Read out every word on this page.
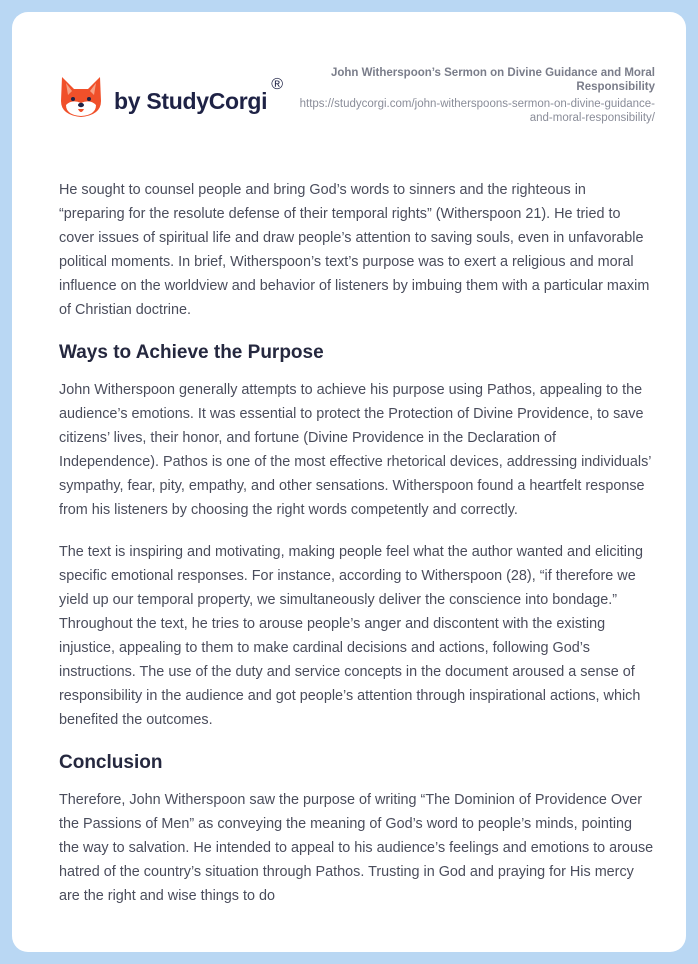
by StudyCorgi
®
John Witherspoon’s Sermon on Divine Guidance and Moral Responsibility
https://studycorgi.com/john-witherspoons-sermon-on-divine-guidance-and-moral-responsibility/

He sought to counsel people and bring God’s words to sinners and the righteous in “preparing for the resolute defense of their temporal rights” (Witherspoon 21). He tried to cover issues of spiritual life and draw people’s attention to saving souls, even in unfavorable political moments. In brief, Witherspoon’s text’s purpose was to exert a religious and moral influence on the worldview and behavior of listeners by imbuing them with a particular maxim of Christian doctrine.

Ways to Achieve the Purpose

John Witherspoon generally attempts to achieve his purpose using Pathos, appealing to the audience’s emotions. It was essential to protect the Protection of Divine Providence, to save citizens’ lives, their honor, and fortune (Divine Providence in the Declaration of Independence). Pathos is one of the most effective rhetorical devices, addressing individuals’ sympathy, fear, pity, empathy, and other sensations. Witherspoon found a heartfelt response from his listeners by choosing the right words competently and correctly.

The text is inspiring and motivating, making people feel what the author wanted and eliciting specific emotional responses. For instance, according to Witherspoon (28), “if therefore we yield up our temporal property, we simultaneously deliver the conscience into bondage.” Throughout the text, he tries to arouse people’s anger and discontent with the existing injustice, appealing to them to make cardinal decisions and actions, following God’s instructions. The use of the duty and service concepts in the document aroused a sense of responsibility in the audience and got people’s attention through inspirational actions, which benefited the outcomes.

Conclusion

Therefore, John Witherspoon saw the purpose of writing “The Dominion of Providence Over the Passions of Men” as conveying the meaning of God’s word to people’s minds, pointing the way to salvation. He intended to appeal to his audience’s feelings and emotions to arouse hatred of the country’s situation through Pathos. Trusting in God and praying for His mercy are the right and wise things to do
